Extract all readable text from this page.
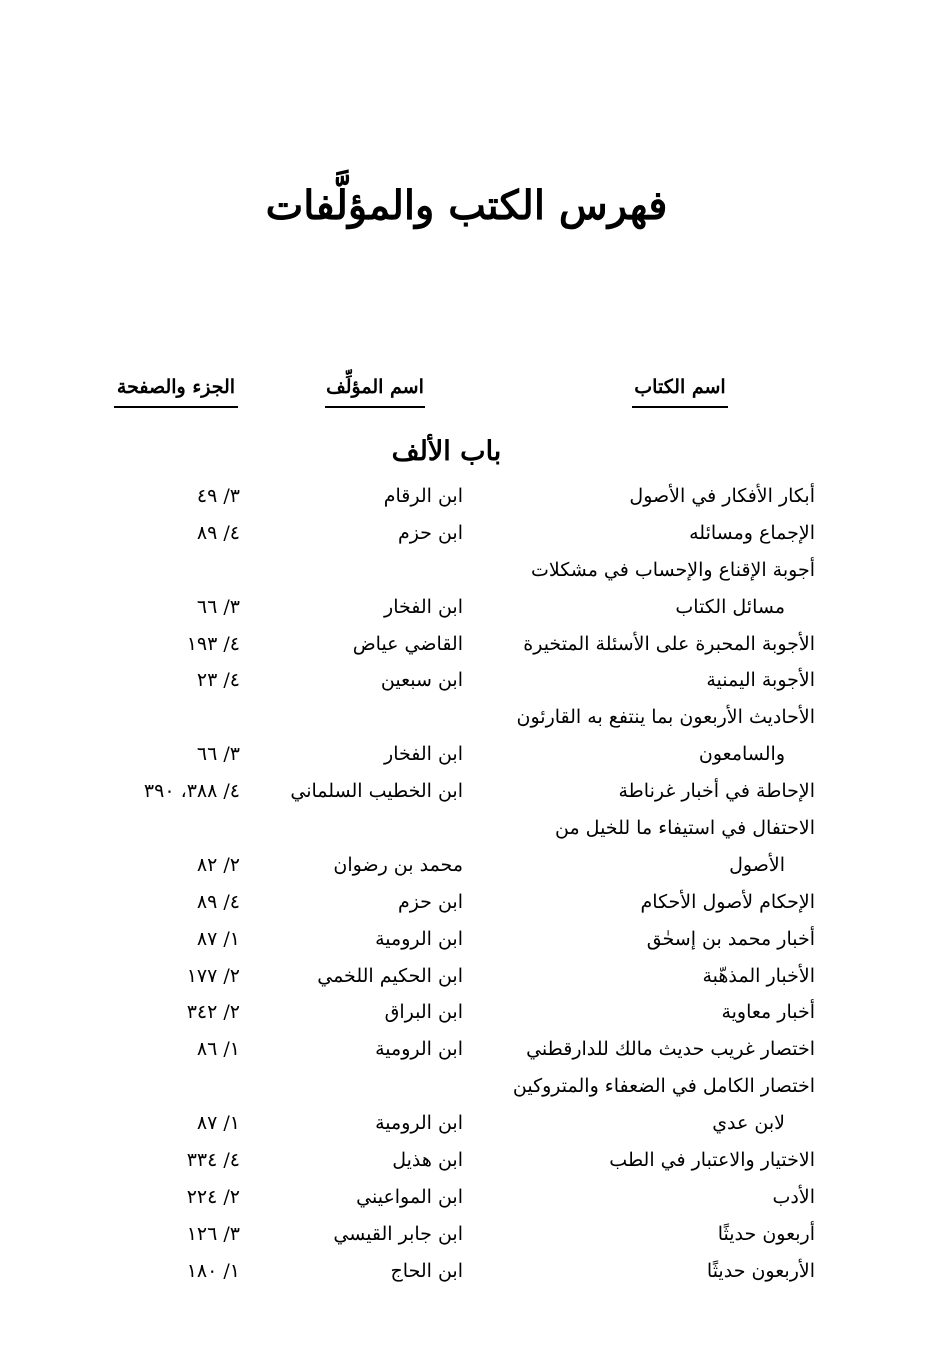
فهرس الكتب والمؤلَّفات
اسم الكتاب
اسم المؤلِّف
الجزء والصفحة
باب الألف
أبكار الأفكار في الأصول
ابن الرقام
٣/ ٤٩
الإجماع ومسائله
ابن حزم
٤/ ٨٩
أجوبة الإقناع والإحساب في مشكلات
مسائل الكتاب
ابن الفخار
٣/ ٦٦
الأجوبة المحبرة على الأسئلة المتخيرة
القاضي عياض
٤/ ١٩٣
الأجوبة اليمنية
ابن سبعين
٤/ ٢٣
الأحاديث الأربعون بما ينتفع به القارئون
والسامعون
ابن الفخار
٣/ ٦٦
الإحاطة في أخبار غرناطة
ابن الخطيب السلماني
٤/ ٣٨٨، ٣٩٠
الاحتفال في استيفاء ما للخيل من
الأصول
محمد بن رضوان
٢/ ٨٢
الإحكام لأصول الأحكام
ابن حزم
٤/ ٨٩
أخبار محمد بن إسحٰق
ابن الرومية
١/ ٨٧
الأخبار المذهّبة
ابن الحكيم اللخمي
٢/ ١٧٧
أخبار معاوية
ابن البراق
٢/ ٣٤٢
اختصار غريب حديث مالك للدارقطني
ابن الرومية
١/ ٨٦
اختصار الكامل في الضعفاء والمتروكين
لابن عدي
ابن الرومية
١/ ٨٧
الاختيار والاعتبار في الطب
ابن هذيل
٤/ ٣٣٤
الأدب
ابن المواعيني
٢/ ٢٢٤
أربعون حديثًا
ابن جابر القيسي
٣/ ١٢٦
الأربعون حديثًا
ابن الحاج
١/ ١٨٠
